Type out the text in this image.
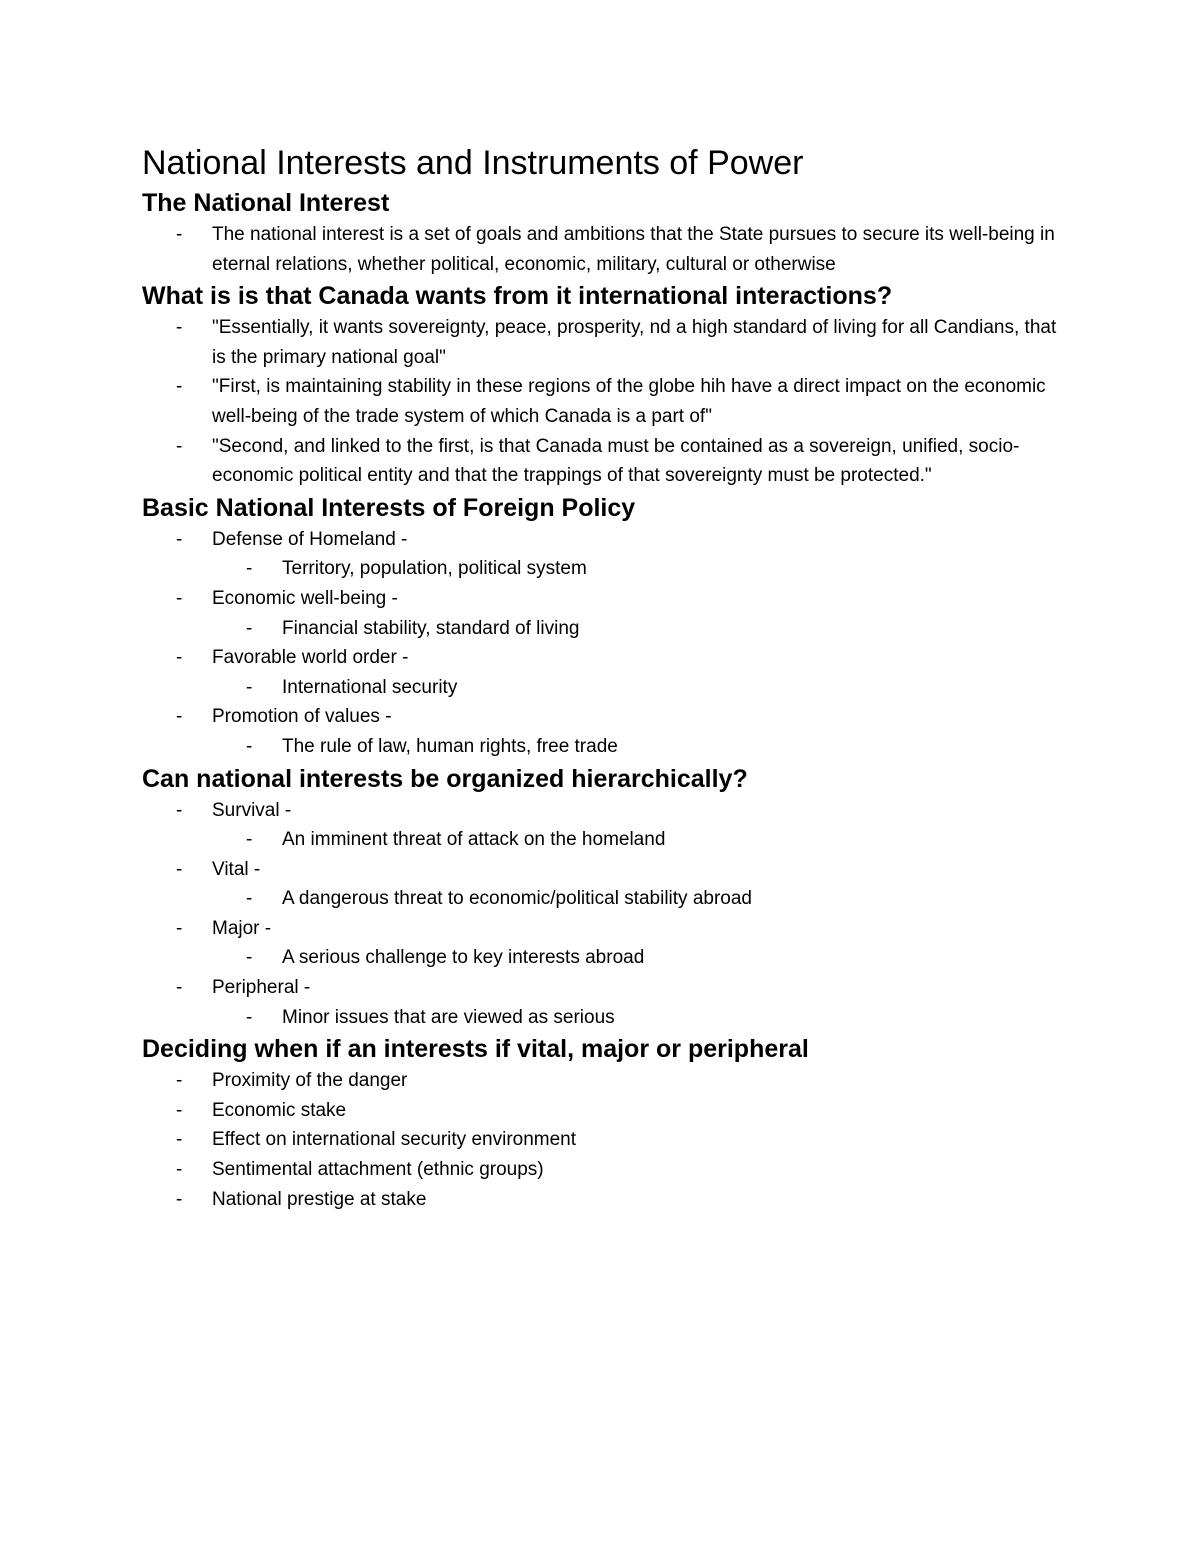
National Interests and Instruments of Power
The National Interest
- The national interest is a set of goals and ambitions that the State pursues to secure its well-being in eternal relations, whether political, economic, military, cultural or otherwise
What is is that Canada wants from it international interactions?
- "Essentially, it wants sovereignty, peace, prosperity, nd a high standard of living for all Candians, that is the primary national goal"
- "First, is maintaining stability in these regions of the globe hih have a direct impact on the economic well-being of the trade system of which Canada is a part of"
- "Second, and linked to the first, is that Canada must be contained as a sovereign, unified, socio-economic political entity and that the trappings of that sovereignty must be protected."
Basic National Interests of Foreign Policy
- Defense of Homeland -
- Territory, population, political system
- Economic well-being -
- Financial stability, standard of living
- Favorable world order -
- International security
- Promotion of values -
- The rule of law, human rights, free trade
Can national interests be organized hierarchically?
- Survival -
- An imminent threat of attack on the homeland
- Vital -
- A dangerous threat to economic/political stability abroad
- Major -
- A serious challenge to key interests abroad
- Peripheral -
- Minor issues that are viewed as serious
Deciding when if an interests if vital, major or peripheral
- Proximity of the danger
- Economic stake
- Effect on international security environment
- Sentimental attachment (ethnic groups)
- National prestige at stake
